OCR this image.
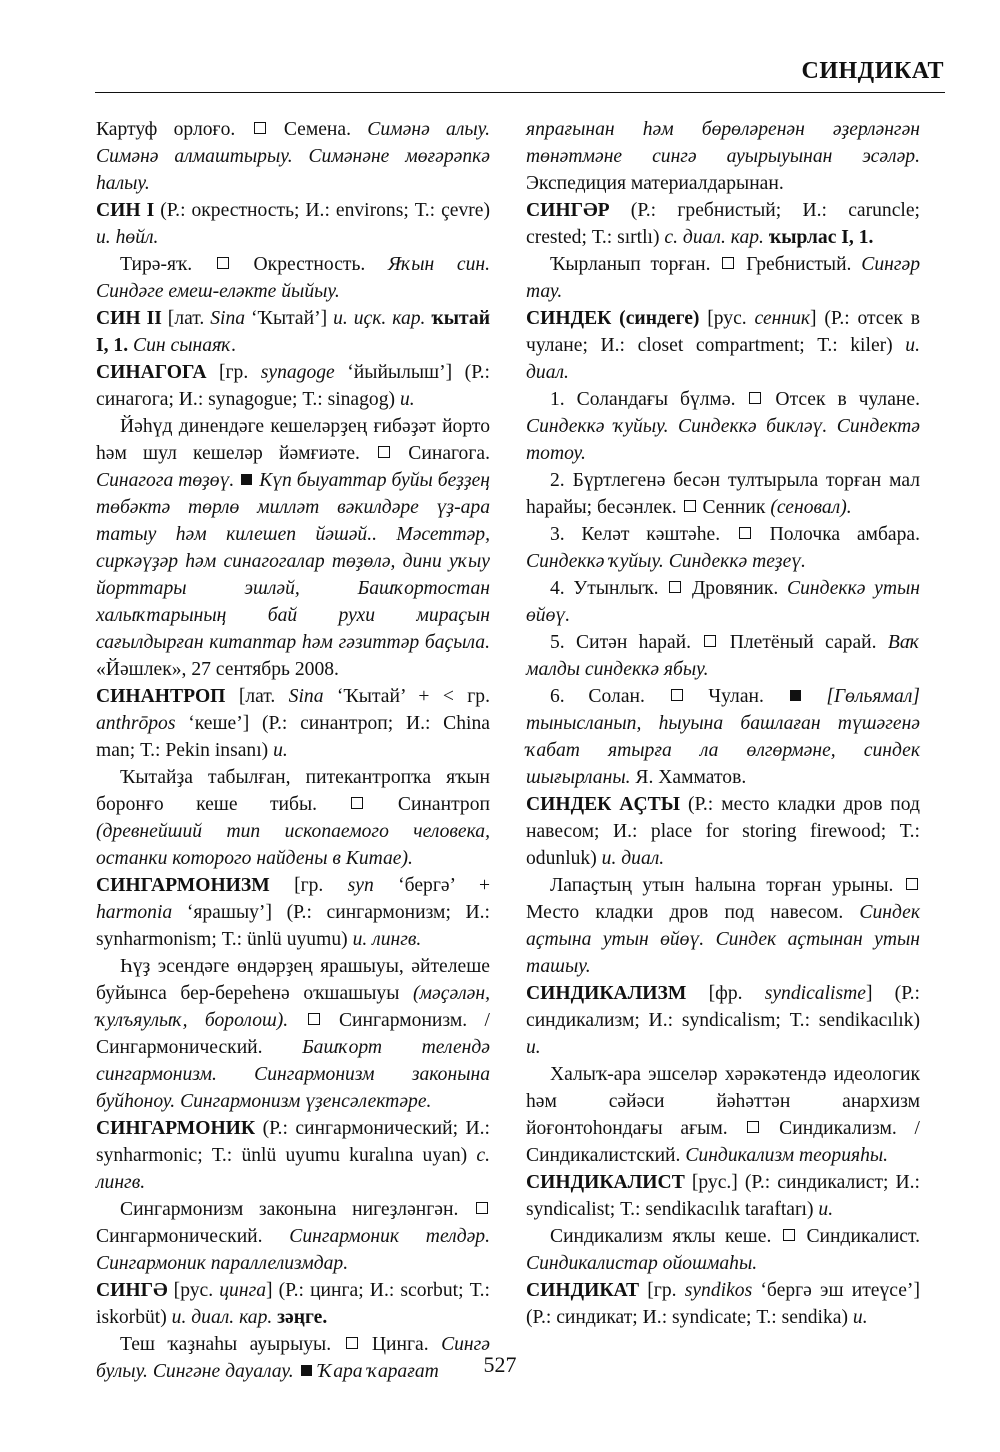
СИНДИКАТ

Картуф орлоғо.  Семена. Симәнә алыу. Симәнә алмаштырыу. Симәнәне мөғәрәпкә һалыу.

СИН I (Р.: окрестность; И.: environs; Т.: çevre) и. һөйл.

Тирә-яҡ.  Окрестность. Яҡын син. Синдәге емеш-еләкте йыйыу.

СИН II [лат. Sina ‘Ҡытай’] и. иҫк. кар. ҡытай I, 1. Син сынаяҡ.

СИНАГОГА [гр. synagoge ‘йыйылыш’] (Р.: синагога; И.: synagogue; Т.: sinagog) и.

Йәһүд динендәге кешеләрҙең ғибәҙәт йорто һәм шул кешеләр йәмғиәте.  Синагога. Синагога төҙөү. Күп быуаттар буйы беҙҙең төбәктә төрлө милләт вәкилдәре үҙ-ара татыу һәм килешеп йәшәй.. Мәсеттәр, сиркәүҙәр һәм синагогалар төҙөлә, дини уҡыу йорттары эшләй, Башҡортостан халыҡтарының бай рухи мираҫын сағылдырған китаптар һәм гәзиттәр баҫыла. «Йәшлек», 27 сентябрь 2008.

СИНАНТРОП [лат. Sina ‘Ҡытай’ + < гр. anthrōpos ‘кеше’] (Р.: синантроп; И.: China man; Т.: Pekin insanı) и.

Ҡытайҙа табылған, питекантропҡа яҡын боронғо кеше тибы.  Синантроп (древнейший тип ископаемого человека, останки которого найдены в Китае).

СИНГАРМОНИЗМ [гр. syn ‘бергә’ + harmonia ‘ярашыу’] (Р.: сингармонизм; И.: synharmonism; Т.: ünlü uyumu) и. лингв.

Һүҙ эсендәге өндәрҙең ярашыуы, әйтелеше буйынса бер-береһенә оҡшашыуы (мәҫәлән, ҡулъяулыҡ, боролош).  Сингармонизм. / Сингармонический. Башҡорт телендә сингармонизм. Сингармонизм законына буйһоноу. Сингармонизм үҙенсәлектәре.

СИНГАРМОНИК (Р.: сингармонический; И.: synharmonic; Т.: ünlü uyumu kuralına uyan) с. лингв.

Сингармонизм законына нигеҙләнгән.  Сингармонический. Сингармоник телдәр. Сингармоник параллелизмдар.

СИНГӘ [рус. цинга] (Р.: цинга; И.: scorbut; Т.: iskorbüt) и. диал. кар. зәңге.

Теш ҡаҙнаһы ауырыуы.  Цинга. Сингә булыу. Сингәне дауалау. Ҡара ҡарағат

япрағынан һәм бөрөләренән әҙерләнгән төнәтмәне сингә ауырыуынан эсәләр. Экспедиция материалдарынан.

СИНГӘР (Р.: гребнистый; И.: caruncle; crested; Т.: sırtlı) с. диал. кар. ҡырлас I, 1.

Ҡырланып торған.  Гребнистый. Сингәр тау.

СИНДЕК (синдеге) [рус. сенник] (Р.: отсек в чулане; И.: closet compartment; Т.: kiler) и. диал.

1. Соландағы бүлмә.  Отсек в чулане. Синдеккә ҡуйыу. Синдеккә бикләү. Синдектә тотоу.

2. Бүртлегенә бесән тултырыла торған мал һарайы; бесәнлек.  Сенник (сеновал).

3. Келәт кәштәһе.  Полочка амбара. Синдеккә ҡуйыу. Синдеккә теҙеү.

4. Утынлыҡ.  Дровяник. Синдеккә утын өйөү.

5. Ситән һарай.  Плетёный сарай. Ваҡ малды синдеккә ябыу.

6. Солан.  Чулан.  [Гөльямал] тынысланып, һыуына башлаған түшәгенә ҡабат ятырға ла өлгөрмәне, синдек шығырланы. Я. Хамматов.

СИНДЕК АҪТЫ (Р.: место кладки дров под навесом; И.: place for storing firewood; Т.: odunluk) и. диал.

Лапаҫтың утын һалына торған урыны.  Место кладки дров под навесом. Синдек аҫтына утын өйөү. Синдек аҫтынан утын ташыу.

СИНДИКАЛИЗМ [фр. syndicalisme] (Р.: синдикализм; И.: syndicalism; Т.: sendikacılık) и.

Халыҡ-ара эшселәр хәрәкәтендә идеологик һәм сәйәси йәһәттән анархизм йоғонтоһондағы ағым.  Синдикализм. / Синдикалистский. Синдикализм теорияһы.

СИНДИКАЛИСТ [рус.] (Р.: синдикалист; И.: syndicalist; Т.: sendikacılık taraftarı) и.

Синдикализм яҡлы кеше.  Синдикалист. Синдикалистар ойошмаһы.

СИНДИКАТ [гр. syndikos ‘бергә эш итеүсе’] (Р.: синдикат; И.: syndicate; Т.: sendika) и.

527
